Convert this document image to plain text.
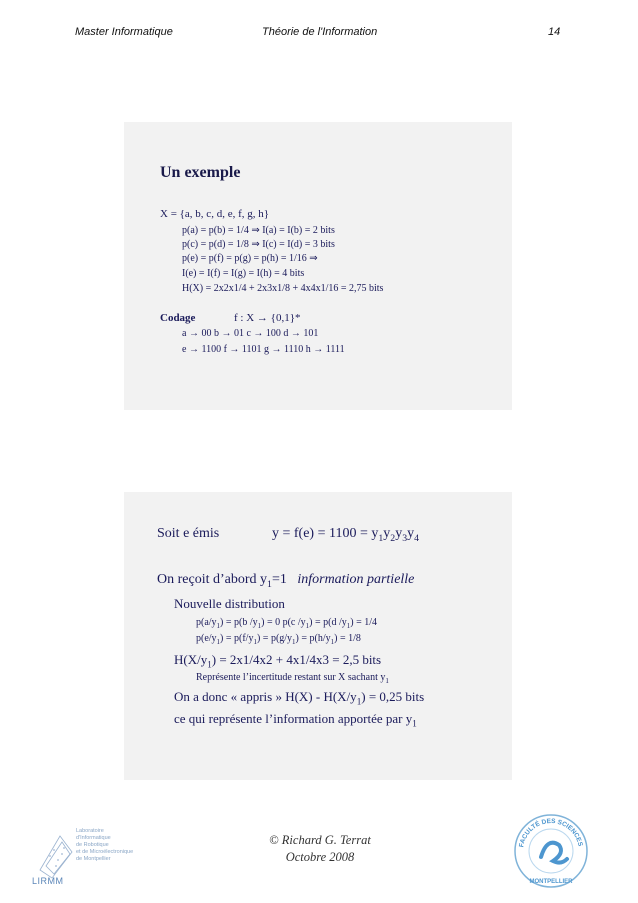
Master Informatique	Théorie de l'Information	14
Un exemple
X = {a, b, c, d, e, f, g, h}
p(a) = p(b) = 1/4 ⇒ I(a) = I(b) = 2 bits
p(c) = p(d) = 1/8 ⇒ I(c) = I(d) = 3 bits
p(e) = p(f) = p(g) = p(h) = 1/16 ⇒
I(e) = I(f) = I(g) = I(h) = 4 bits
H(X) = 2x2x1/4 + 2x3x1/8 + 4x4x1/16 = 2,75 bits
Codage	f : X → {0,1}*
a → 00 b → 01 c → 100 d → 101
e → 1100 f → 1101 g → 1110 h → 1111
Soit e émis	$y = f(e) = 1100 = y_1y_2y_3y_4$
On reçoit d’abord $y_1=1$ information partielle
Nouvelle distribution
$p(a/y_1) = p(b$ $/y_1) = 0$ p(c $/y_1) = p(d$ $/y_1) = 1/4$
$p(e/y_1) = p(f/y_1) = p(g/y_1) = p(h/y_1) = 1/8$
$H(X/y_1) = 2x1/4x2 + 4x1/4x3 = 2,5$ bits
Représente l’incertitude restant sur X sachant $y_1$
On a donc « appris » $H(X) - H(X/y_1) = 0,25$ bits
ce qui représente l’information apportée par $y_1$
© Richard G. Terrat
Octobre 2008
Laboratoire
d'Informatique
de Robotique
et de Microélectronique
de Montpellier
LIRMM
FACULTÉ DES SCIENCES
MONTPELLIER
